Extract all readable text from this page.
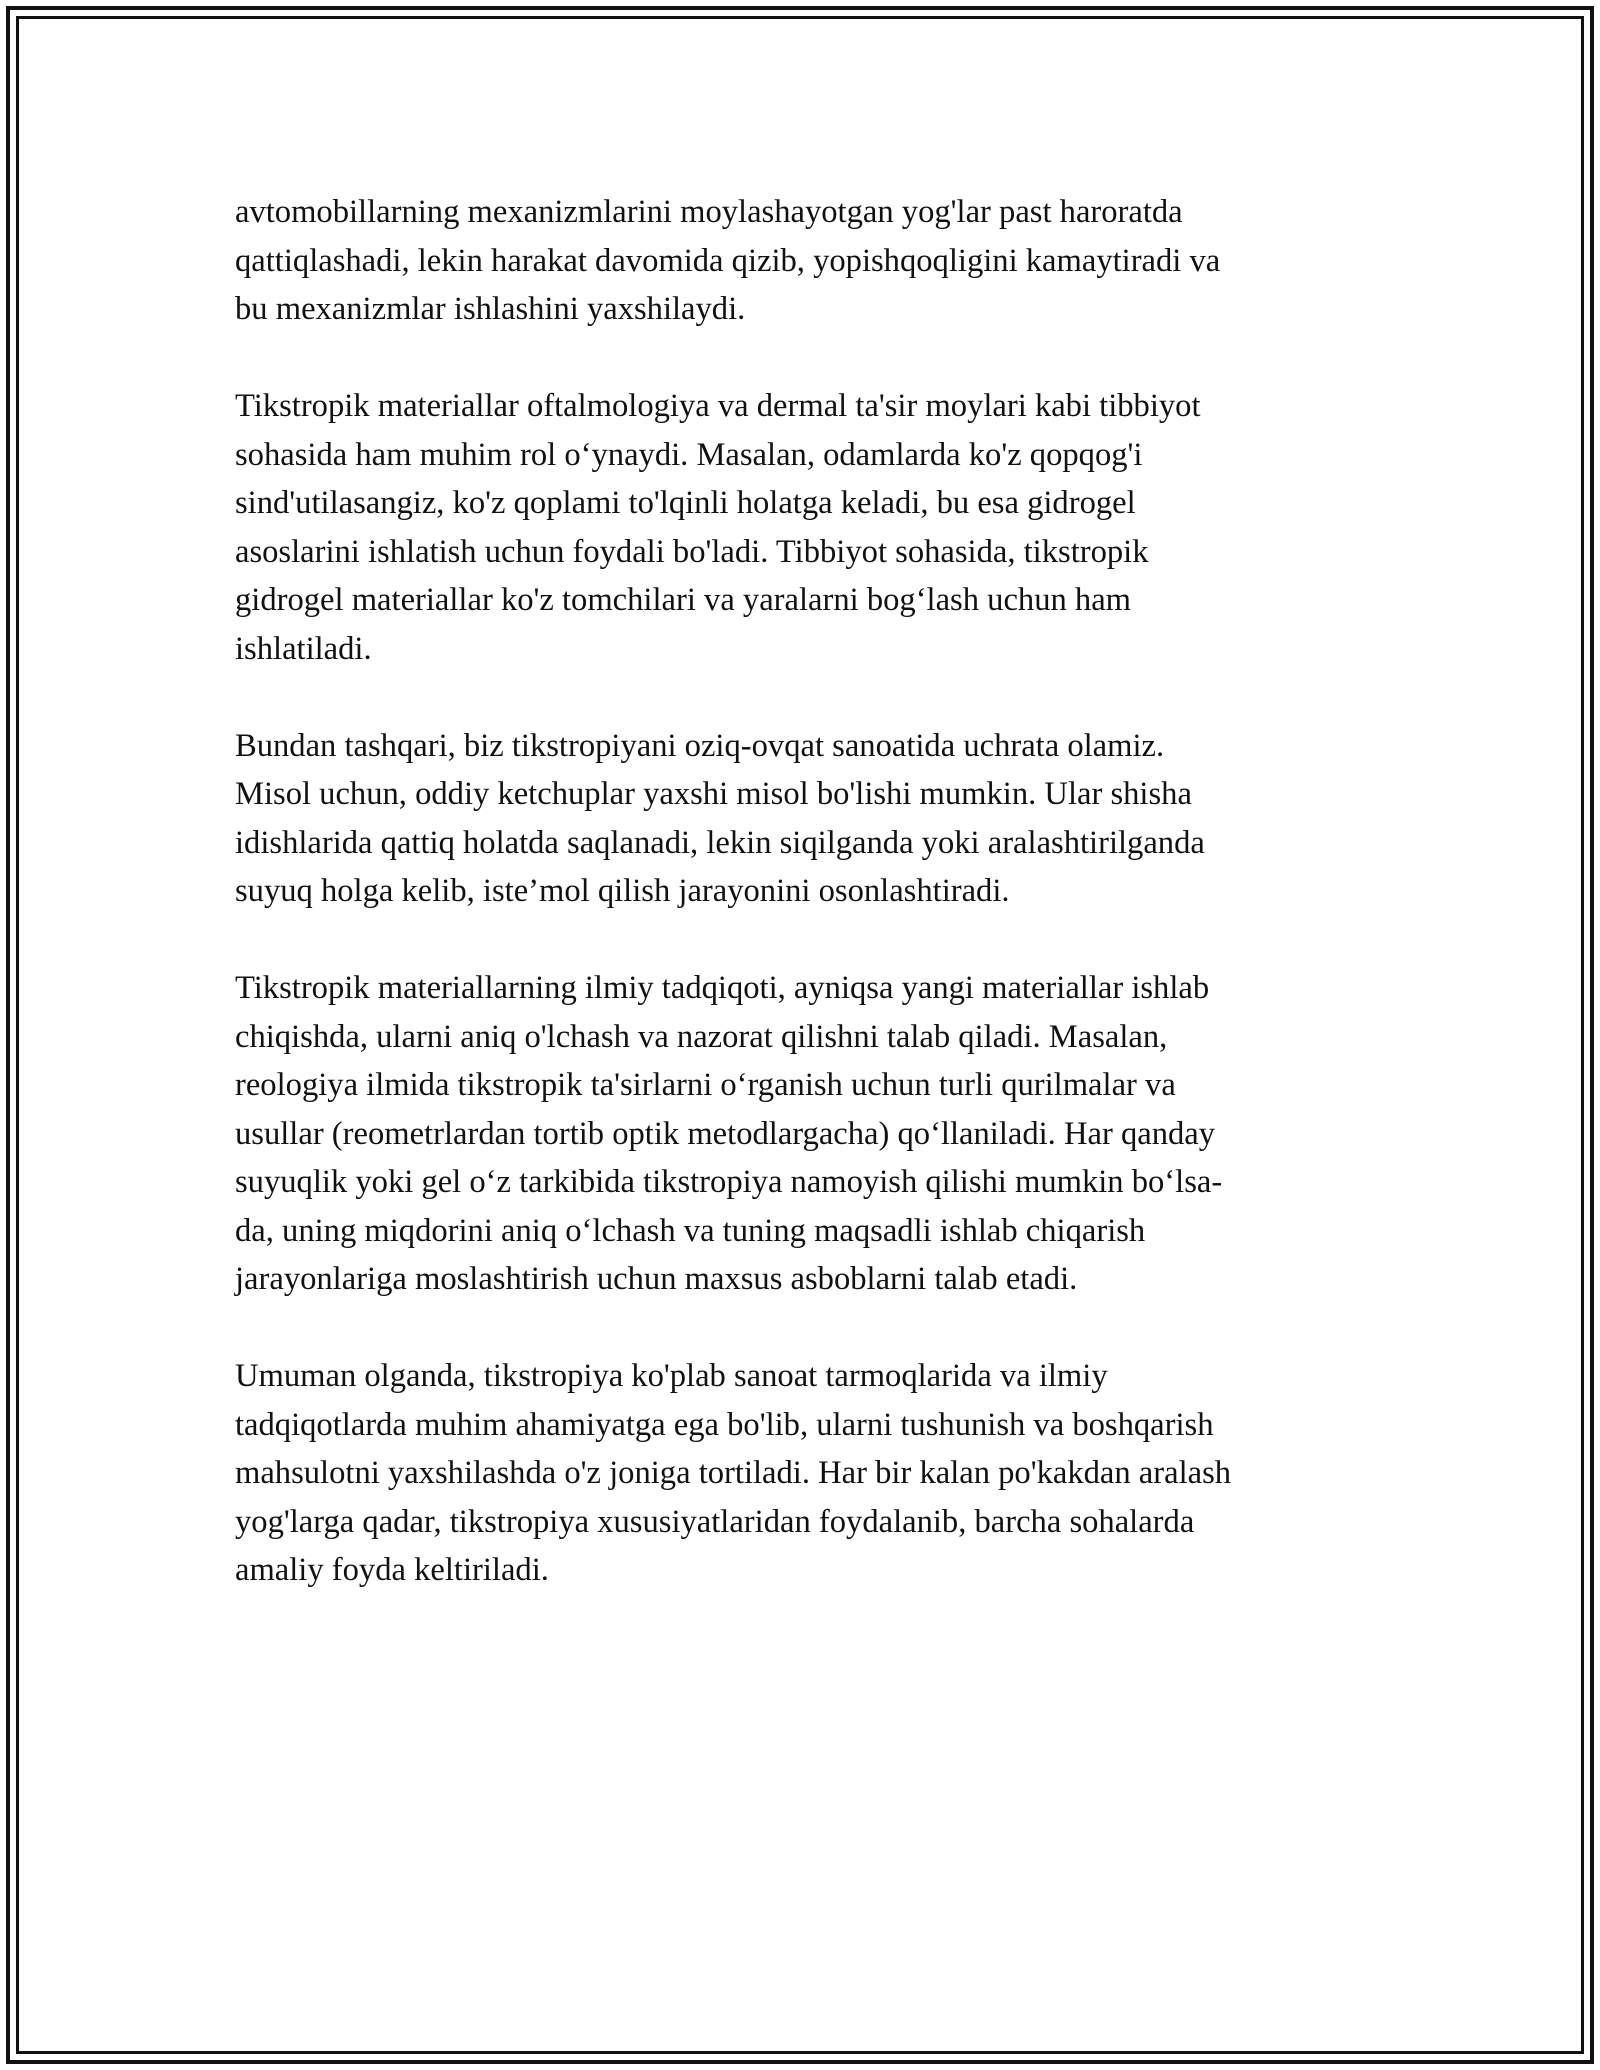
avtomobillarning mexanizmlarini moylashayotgan yog'lar past haroratda
qattiqlashadi, lekin harakat davomida qizib, yopishqoqligini kamaytiradi va
bu mexanizmlar ishlashini yaxshilaydi.

Tikstropik materiallar oftalmologiya va dermal ta'sir moylari kabi tibbiyot
sohasida ham muhim rol o‘ynaydi. Masalan, odamlarda ko'z qopqog'i
sind'utilasangiz, ko'z qoplami to'lqinli holatga keladi, bu esa gidrogel
asoslarini ishlatish uchun foydali bo'ladi. Tibbiyot sohasida, tikstropik
gidrogel materiallar ko'z tomchilari va yaralarni bog‘lash uchun ham
ishlatiladi.

Bundan tashqari, biz tikstropiyani oziq-ovqat sanoatida uchrata olamiz.
Misol uchun, oddiy ketchuplar yaxshi misol bo'lishi mumkin. Ular shisha
idishlarida qattiq holatda saqlanadi, lekin siqilganda yoki aralashtirilganda
suyuq holga kelib, iste’mol qilish jarayonini osonlashtiradi.

Tikstropik materiallarning ilmiy tadqiqoti, ayniqsa yangi materiallar ishlab
chiqishda, ularni aniq o'lchash va nazorat qilishni talab qiladi. Masalan,
reologiya ilmida tikstropik ta'sirlarni o‘rganish uchun turli qurilmalar va
usullar (reometrlardan tortib optik metodlargacha) qo‘llaniladi. Har qanday
suyuqlik yoki gel o‘z tarkibida tikstropiya namoyish qilishi mumkin bo‘lsa-
da, uning miqdorini aniq o‘lchash va tuning maqsadli ishlab chiqarish
jarayonlariga moslashtirish uchun maxsus asboblarni talab etadi.

Umuman olganda, tikstropiya ko'plab sanoat tarmoqlarida va ilmiy
tadqiqotlarda muhim ahamiyatga ega bo'lib, ularni tushunish va boshqarish
mahsulotni yaxshilashda o'z joniga tortiladi. Har bir kalan po'kakdan aralash
yog'larga qadar, tikstropiya xususiyatlaridan foydalanib, barcha sohalarda
amaliy foyda keltiriladi.
